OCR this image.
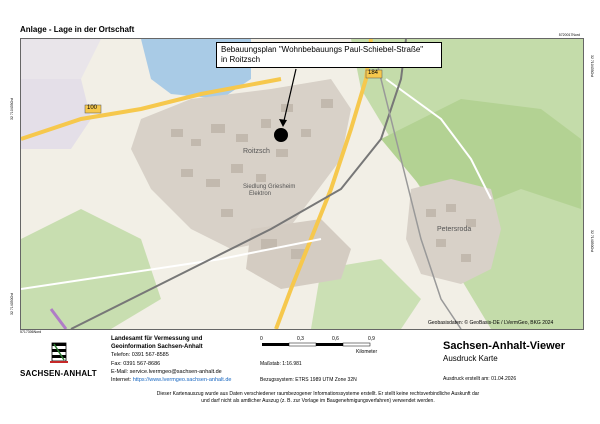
Anlage - Lage in der Ortschaft
5720017Nord
32 710435Ost
32 714050Ost
32 710435Ost
32 714050Ost
100
184
Roitzsch
Siedlung Griesheim
Elektron
Petersroda
Bebauungsplan "Wohnbebauungs Paul-Schiebel-Straße"
in Roitzsch
Geobasisdaten: © GeoBasis-DE / LVermGeo, BKG 2024
5717306Nord
SACHSEN-ANHALT
Landesamt für Vermessung und
Geoinformation Sachsen-Anhalt
Telefon: 0391 567-8585
Fax: 0391 567-8686
E-Mail: service.lvermgeo@sachsen-anhalt.de
Internet: https://www.lvermgeo.sachsen-anhalt.de
0	0,3	0,6	0,9
Kilometer
Maßstab: 1:16.981
Bezugssystem: ETRS 1989 UTM Zone 32N
Sachsen-Anhalt-Viewer
Ausdruck Karte
Ausdruck erstellt am: 01.04.2026
Dieser Kartenauszug wurde aus Daten verschiedener raumbezogener Informationssysteme erstellt. Er stellt keine rechtsverbindliche Auskunft dar
und darf nicht als amtlicher Auszug (z. B. zur Vorlage im Baugenehmigungsverfahren) verwendet werden.
